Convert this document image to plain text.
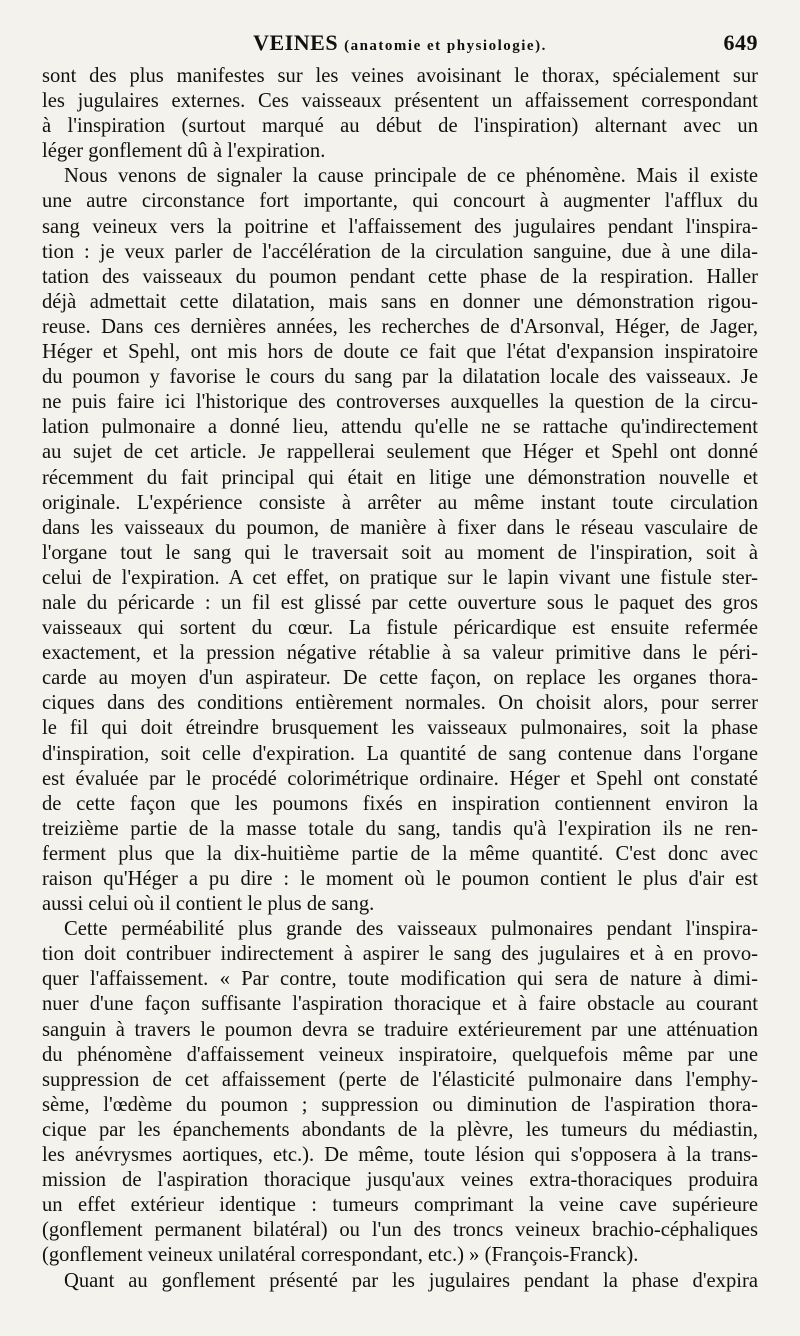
VEINES (anatomie et physiologie).	649
sont des plus manifestes sur les veines avoisinant le thorax, spécialement sur
les jugulaires externes. Ces vaisseaux présentent un affaissement correspondant
à l'inspiration (surtout marqué au début de l'inspiration) alternant avec un
léger gonflement dû à l'expiration.
Nous venons de signaler la cause principale de ce phénomène. Mais il existe
une autre circonstance fort importante, qui concourt à augmenter l'afflux du
sang veineux vers la poitrine et l'affaissement des jugulaires pendant l'inspira-
tion : je veux parler de l'accélération de la circulation sanguine, due à une dila-
tation des vaisseaux du poumon pendant cette phase de la respiration. Haller
déjà admettait cette dilatation, mais sans en donner une démonstration rigou-
reuse. Dans ces dernières années, les recherches de d'Arsonval, Héger, de Jager,
Héger et Spehl, ont mis hors de doute ce fait que l'état d'expansion inspiratoire
du poumon y favorise le cours du sang par la dilatation locale des vaisseaux. Je
ne puis faire ici l'historique des controverses auxquelles la question de la circu-
lation pulmonaire a donné lieu, attendu qu'elle ne se rattache qu'indirectement
au sujet de cet article. Je rappellerai seulement que Héger et Spehl ont donné
récemment du fait principal qui était en litige une démonstration nouvelle et
originale. L'expérience consiste à arrêter au même instant toute circulation
dans les vaisseaux du poumon, de manière à fixer dans le réseau vasculaire de
l'organe tout le sang qui le traversait soit au moment de l'inspiration, soit à
celui de l'expiration. A cet effet, on pratique sur le lapin vivant une fistule ster-
nale du péricarde : un fil est glissé par cette ouverture sous le paquet des gros
vaisseaux qui sortent du cœur. La fistule péricardique est ensuite refermée
exactement, et la pression négative rétablie à sa valeur primitive dans le péri-
carde au moyen d'un aspirateur. De cette façon, on replace les organes thora-
ciques dans des conditions entièrement normales. On choisit alors, pour serrer
le fil qui doit étreindre brusquement les vaisseaux pulmonaires, soit la phase
d'inspiration, soit celle d'expiration. La quantité de sang contenue dans l'organe
est évaluée par le procédé colorimétrique ordinaire. Héger et Spehl ont constaté
de cette façon que les poumons fixés en inspiration contiennent environ la
treizième partie de la masse totale du sang, tandis qu'à l'expiration ils ne ren-
ferment plus que la dix-huitième partie de la même quantité. C'est donc avec
raison qu'Héger a pu dire : le moment où le poumon contient le plus d'air est
aussi celui où il contient le plus de sang.
Cette perméabilité plus grande des vaisseaux pulmonaires pendant l'inspira-
tion doit contribuer indirectement à aspirer le sang des jugulaires et à en provo-
quer l'affaissement. « Par contre, toute modification qui sera de nature à dimi-
nuer d'une façon suffisante l'aspiration thoracique et à faire obstacle au courant
sanguin à travers le poumon devra se traduire extérieurement par une atténuation
du phénomène d'affaissement veineux inspiratoire, quelquefois même par une
suppression de cet affaissement (perte de l'élasticité pulmonaire dans l'emphy-
sème, l'œdème du poumon ; suppression ou diminution de l'aspiration thora-
cique par les épanchements abondants de la plèvre, les tumeurs du médiastin,
les anévrysmes aortiques, etc.). De même, toute lésion qui s'opposera à la trans-
mission de l'aspiration thoracique jusqu'aux veines extra-thoraciques produira
un effet extérieur identique : tumeurs comprimant la veine cave supérieure
(gonflement permanent bilatéral) ou l'un des troncs veineux brachio-céphaliques
(gonflement veineux unilatéral correspondant, etc.) » (François-Franck).
Quant au gonflement présenté par les jugulaires pendant la phase d'expira
